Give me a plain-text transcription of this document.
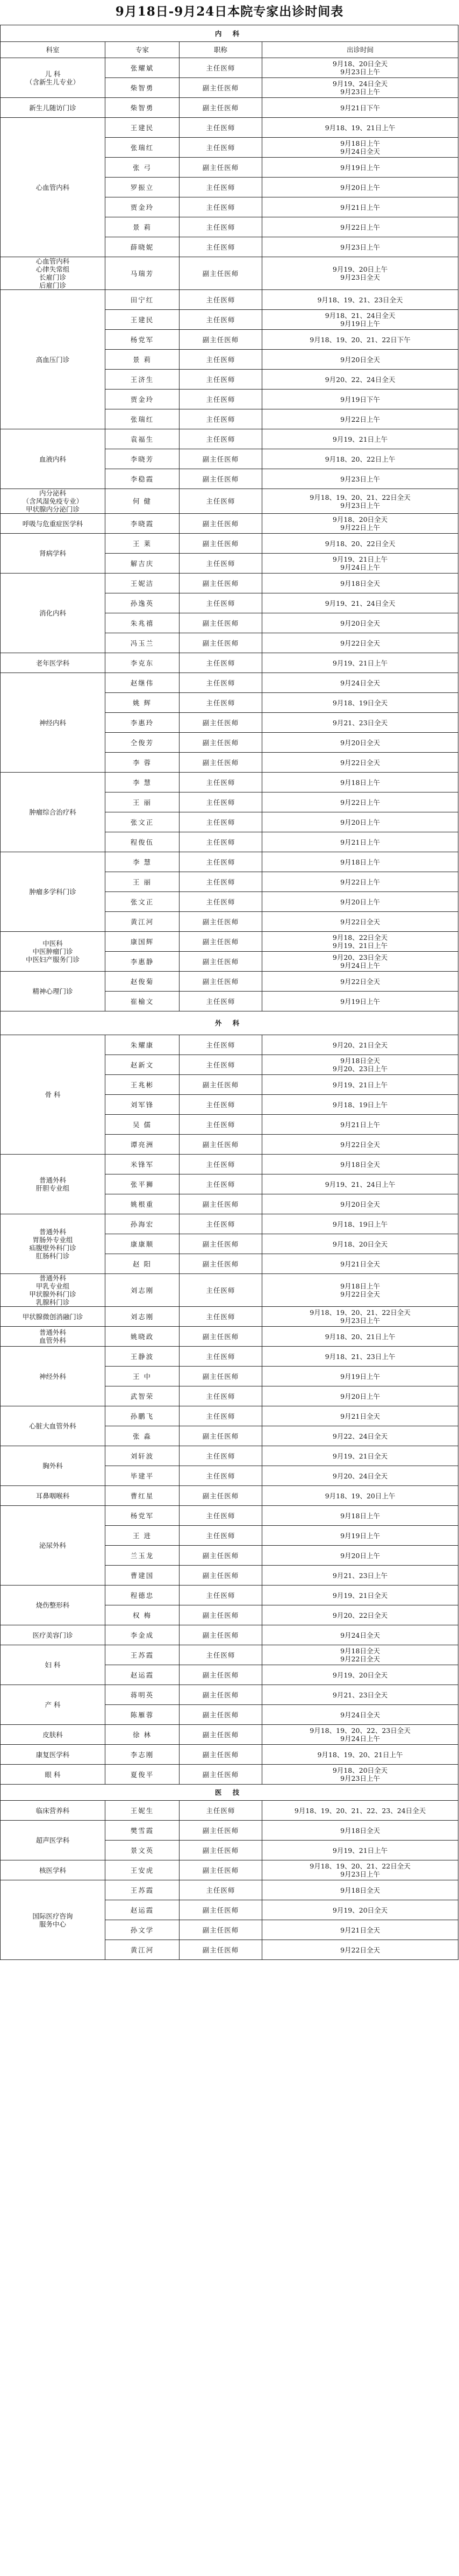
9月18日-9月24日本院专家出诊时间表
内 科			
科室	专家	职称	出诊时间
儿 科
（含新生儿专业）	张耀斌	主任医师	9月18、20日全天
9月23日上午
	柴智勇	副主任医师	9月19、24日全天
9月23日上午
新生儿随访门诊	柴智勇	副主任医师	9月21日下午
心血管内科	王建民	主任医师	9月18、19、21日上午
	张瑞红	主任医师	9月18日上午
9月24日全天
	张 弓	副主任医师	9月19日上午
	罗振立	主任医师	9月20日上午
	贾金玲	主任医师	9月21日上午
	景 莉	主任医师	9月22日上午
	薛晓妮	主任医师	9月23日上午
心血管内科
心律失常组
长雇门诊
后雇门诊	马瑞芳	副主任医师	9月19、20日上午
9月23日全天
高血压门诊	田宁红	主任医师	9月18、19、21、23日全天
	王建民	主任医师	9月18、21、24日全天
9月19日上午
	杨党军	副主任医师	9月18、19、20、21、22日下午
	景 莉	主任医师	9月20日全天
	王济生	主任医师	9月20、22、24日全天
	贾金玲	主任医师	9月19日下午
	张瑞红	主任医师	9月22日上午
血液内科	袁福生	主任医师	9月19、21日上午
	李晓芳	副主任医师	9月18、20、22日上午
	李稳霞	副主任医师	9月23日上午
内分泌科
（含风湿免疫专业）
甲状腺内分泌门诊	何 健	主任医师	9月18、19、20、21、22日全天
9月23日上午
呼吸与危重症医学科	李晓霞	副主任医师	9月18、20日全天
9月22日上午
肾病学科	王 莱	副主任医师	9月18、20、22日全天
	解吉庆	主任医师	9月19、21日上午
9月24日上午
消化内科	王妮洁	副主任医师	9月18日全天
	孙逸英	主任医师	9月19、21、24日全天
	朱兆禧	副主任医师	9月20日全天
	冯玉兰	副主任医师	9月22日全天
老年医学科	李克东	主任医师	9月19、21日上午
神经内科	赵继伟	主任医师	9月24日全天
	姚 辉	主任医师	9月18、19日全天
	李惠玲	副主任医师	9月21、23日全天
	仝俊芳	副主任医师	9月20日全天
	李 蓉	副主任医师	9月22日全天
肿瘤综合治疗科	李 慧	主任医师	9月18日上午
	王 丽	主任医师	9月22日上午
	张文正	主任医师	9月20日上午
	程俊伍	主任医师	9月21日上午
肿瘤多学科门诊	李 慧	主任医师	9月18日上午
	王 丽	主任医师	9月22日上午
	张文正	主任医师	9月20日上午
	黄江河	副主任医师	9月22日全天
中医科
中医肿瘤门诊
中医妇产服务门诊	康国辉	副主任医师	9月18、22日全天
9月19、21日上午
	李惠静	副主任医师	9月20、23日全天
9月24日上午
精神心理门诊	赵俊菊	副主任医师	9月22日全天
	崔榆文	主任医师	9月19日上午
外 科			
骨 科	朱耀康	主任医师	9月20、21日全天
	赵新文	主任医师	9月18日全天
9月20、23日上午
	王兆彬	副主任医师	9月19、21日上午
	刘军锋	主任医师	9月18、19日上午
	吴 儒	主任医师	9月21日上午
	谭亮洲	副主任医师	9月22日全天
普通外科
肝胆专业组	米锋军	主任医师	9月18日全天
	张平狮	主任医师	9月19、21、24日上午
	姚根重	副主任医师	9月20日全天
普通外科
胃肠外专业组
疝腹壁外科门诊
肛肠科门诊	孙海宏	主任医师	9月18、19日上午
	康康顺	副主任医师	9月18、20日全天
	赵 阳	副主任医师	9月21日全天
普通外科
甲乳专业组
甲状腺外科门诊
乳腺科门诊	刘志刚	主任医师	9月18日上午
9月22日全天
甲状腺微创消融门诊	刘志刚	主任医师	9月18、19、20、21、22日全天
9月23日上午
普通外科
血管外科	姚晓政	副主任医师	9月18、20、21日上午
神经外科	王静波	主任医师	9月18、21、23日上午
	王 中	副主任医师	9月19日上午
	武智荣	主任医师	9月20日上午
心脏大血管外科	孙鹏飞	主任医师	9月21日全天
	张 淼	副主任医师	9月22、24日全天
胸外科	刘轩波	主任医师	9月19、21日全天
	毕建平	主任医师	9月20、24日全天
耳鼻咽喉科	曹红星	副主任医师	9月18、19、20日上午
泌尿外科	杨党军	主任医师	9月18日上午
	王 进	主任医师	9月19日上午
	兰玉龙	副主任医师	9月20日上午
	曹建国	副主任医师	9月21、23日上午
烧伤整形科	程德忠	主任医师	9月19、21日全天
	权 梅	副主任医师	9月20、22日全天
医疗美容门诊	李金成	副主任医师	9月24日全天
妇 科	王苏霞	主任医师	9月18日全天
9月22日全天
	赵运霞	副主任医师	9月19、20日全天
产 科	蒋明英	副主任医师	9月21、23日全天
	陈雁蓉	副主任医师	9月24日全天
皮肤科	徐 林	副主任医师	9月18、19、20、22、23日全天
9月24日上午
康复医学科	李志刚	副主任医师	9月18、19、20、21日上午
眼 科	夏俊平	副主任医师	9月18、20日全天
9月23日上午
医 技			
临床营养科	王妮生	主任医师	9月18、19、20、21、22、23、24日全天
超声医学科	樊雪霞	副主任医师	9月18日全天
	景文英	副主任医师	9月19、21日上午
核医学科	王安虎	副主任医师	9月18、19、20、21、22日全天
9月23日上午
国际医疗咨询
服务中心	王苏霞	主任医师	9月18日全天
	赵运霞	副主任医师	9月19、20日全天
	孙文学	副主任医师	9月21日全天
	黄江河	副主任医师	9月22日全天
